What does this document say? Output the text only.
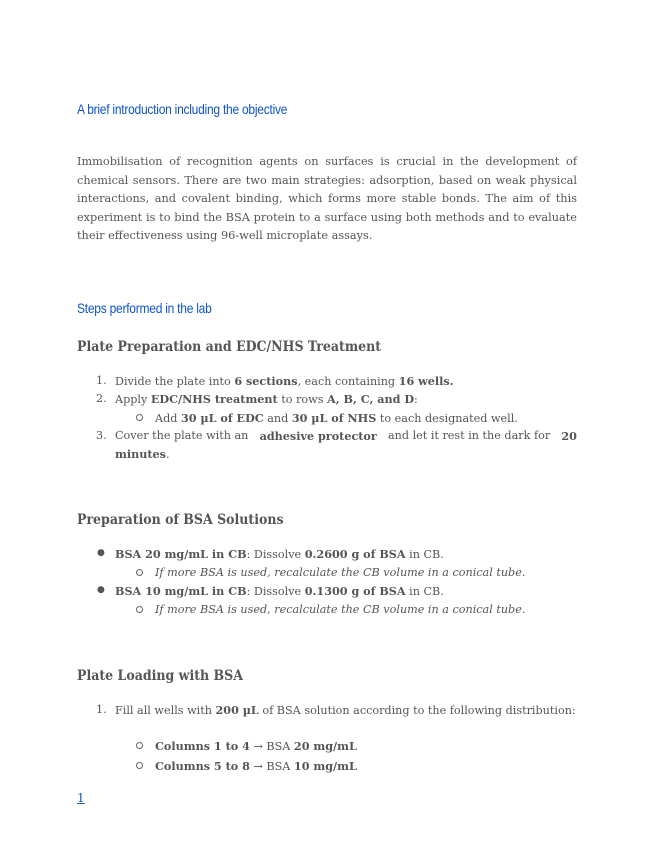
A brief introduction including the objective
Immobilisation of recognition agents on surfaces is crucial in the development of chemical sensors. There are two main strategies: adsorption, based on weak physical interactions, and covalent binding, which forms more stable bonds. The aim of this experiment is to bind the BSA protein to a surface using both methods and to evaluate their effectiveness using 96-well microplate assays.
Steps performed in the lab
Plate Preparation and EDC/NHS Treatment
1. Divide the plate into 6 sections, each containing 16 wells.
2. Apply EDC/NHS treatment to rows A, B, C, and D:
Add 30 µL of EDC and 30 µL of NHS to each designated well.
3. Cover the plate with an adhesive protector and let it rest in the dark for 20
minutes.
Preparation of BSA Solutions
● BSA 20 mg/mL in CB: Dissolve 0.2600 g of BSA in CB.
If more BSA is used, recalculate the CB volume in a conical tube.
● BSA 10 mg/mL in CB: Dissolve 0.1300 g of BSA in CB.
If more BSA is used, recalculate the CB volume in a conical tube.
Plate Loading with BSA
1. Fill all wells with 200 µL of BSA solution according to the following distribution:
Columns 1 to 4 → BSA 20 mg/mL
Columns 5 to 8 → BSA 10 mg/mL
1
